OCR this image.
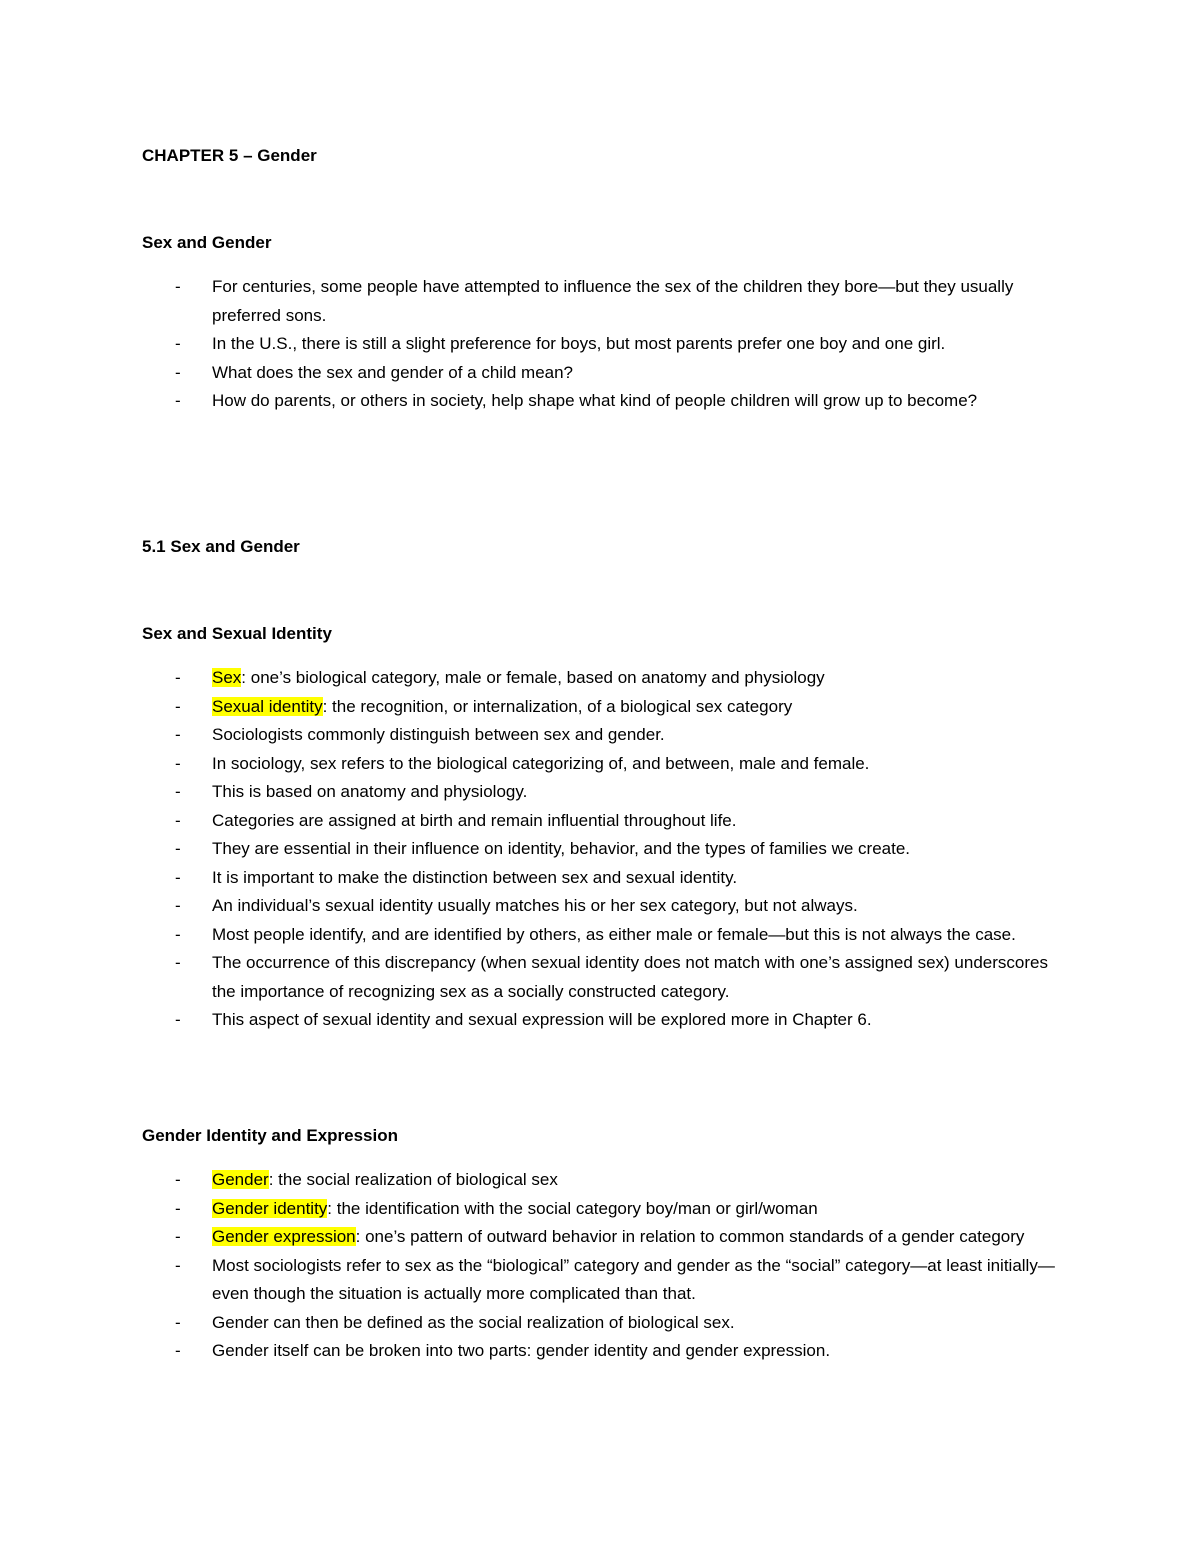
CHAPTER 5 – Gender
Sex and Gender
- For centuries, some people have attempted to influence the sex of the children they bore—but they usually preferred sons.
- In the U.S., there is still a slight preference for boys, but most parents prefer one boy and one girl.
- What does the sex and gender of a child mean?
- How do parents, or others in society, help shape what kind of people children will grow up to become?
5.1 Sex and Gender
Sex and Sexual Identity
- Sex: one’s biological category, male or female, based on anatomy and physiology
- Sexual identity: the recognition, or internalization, of a biological sex category
- Sociologists commonly distinguish between sex and gender.
- In sociology, sex refers to the biological categorizing of, and between, male and female.
- This is based on anatomy and physiology.
- Categories are assigned at birth and remain influential throughout life.
- They are essential in their influence on identity, behavior, and the types of families we create.
- It is important to make the distinction between sex and sexual identity.
- An individual’s sexual identity usually matches his or her sex category, but not always.
- Most people identify, and are identified by others, as either male or female—but this is not always the case.
- The occurrence of this discrepancy (when sexual identity does not match with one’s assigned sex) underscores the importance of recognizing sex as a socially constructed category.
- This aspect of sexual identity and sexual expression will be explored more in Chapter 6.
Gender Identity and Expression
- Gender: the social realization of biological sex
- Gender identity: the identification with the social category boy/man or girl/woman
- Gender expression: one’s pattern of outward behavior in relation to common standards of a gender category
- Most sociologists refer to sex as the “biological” category and gender as the “social” category—at least initially—even though the situation is actually more complicated than that.
- Gender can then be defined as the social realization of biological sex.
- Gender itself can be broken into two parts: gender identity and gender expression.
